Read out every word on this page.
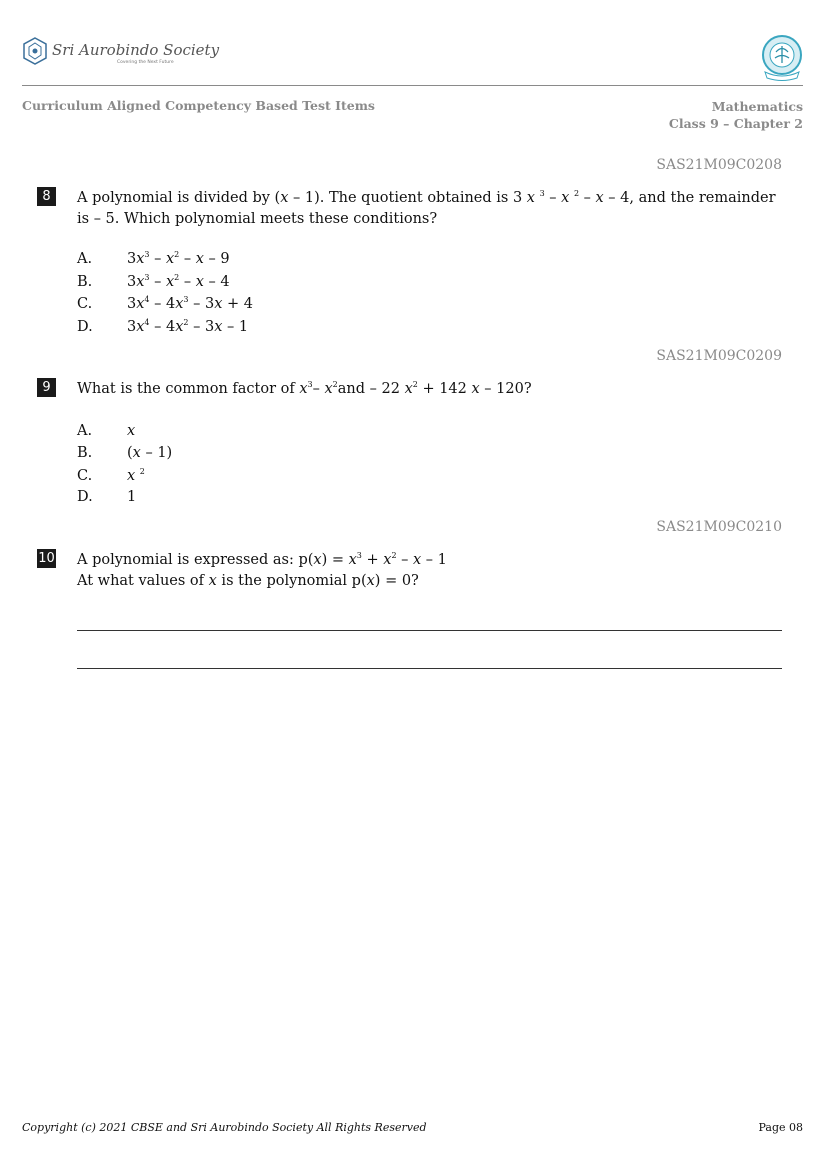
Sri Aurobindo Society
Covering the Next Future
Curriculum Aligned Competency Based Test Items	Mathematics
Class 9 – Chapter 2
SAS21M09C0208
8	A polynomial is divided by (x – 1). The quotient obtained is 3 x $^3$ – x $^2$ – x – 4, and the remainder is – 5. Which polynomial meets these conditions?
A. $3x^3 - x^2$ – x – 9
B. $3x^3 - x^2$ – x – 4
C. $3x^4 - 4x^3 - 3x + 4$
D. $3x^4 - 4x^2 - 3x - 1$
SAS21M09C0209
9	What is the common factor of $x^3-$ $x^2and - 22$ $x^2 + 142$ x – 120?
A. x
B. (x – 1)
C. x $^2$
D. 1
SAS21M09C0210
10 A polynomial is expressed as: $p(x) = x^3 + x^2 - x - 1$
At what values of x is the polynomial p(x) = 0?
Copyright (c) 2021 CBSE and Sri Aurobindo Society All Rights Reserved	Page 08
